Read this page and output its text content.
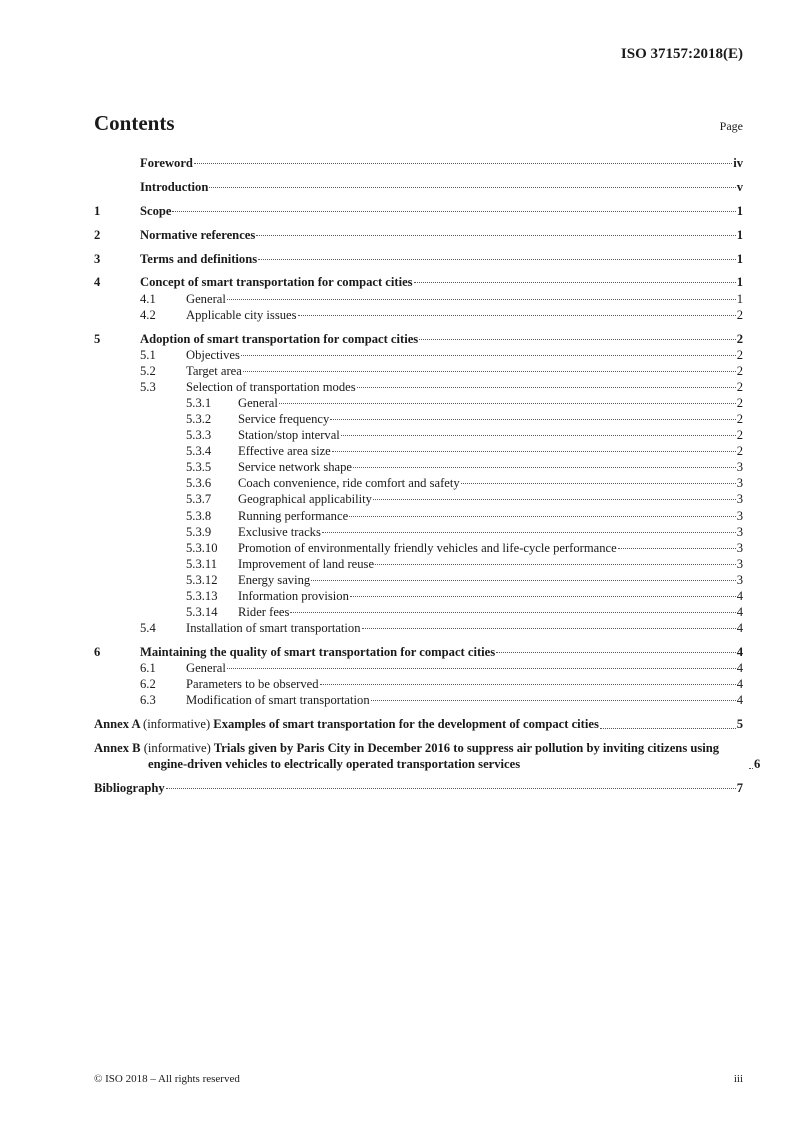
ISO 37157:2018(E)
Contents	Page
Foreword	iv
Introduction	v
1	Scope	1
2	Normative references	1
3	Terms and definitions	1
4	Concept of smart transportation for compact cities	1
4.1	General	1
4.2	Applicable city issues	2
5	Adoption of smart transportation for compact cities	2
5.1	Objectives	2
5.2	Target area	2
5.3	Selection of transportation modes	2
5.3.1	General	2
5.3.2	Service frequency	2
5.3.3	Station/stop interval	2
5.3.4	Effective area size	2
5.3.5	Service network shape	3
5.3.6	Coach convenience, ride comfort and safety	3
5.3.7	Geographical applicability	3
5.3.8	Running performance	3
5.3.9	Exclusive tracks	3
5.3.10	Promotion of environmentally friendly vehicles and life-cycle performance	3
5.3.11	Improvement of land reuse	3
5.3.12	Energy saving	3
5.3.13	Information provision	4
5.3.14	Rider fees	4
5.4	Installation of smart transportation	4
6	Maintaining the quality of smart transportation for compact cities	4
6.1	General	4
6.2	Parameters to be observed	4
6.3	Modification of smart transportation	4
Annex A (informative) Examples of smart transportation for the development of compact cities	5
Annex B (informative) Trials given by Paris City in December 2016 to suppress air pollution by inviting citizens using engine-driven vehicles to electrically operated transportation services	6
Bibliography	7
© ISO 2018 – All rights reserved	iii
